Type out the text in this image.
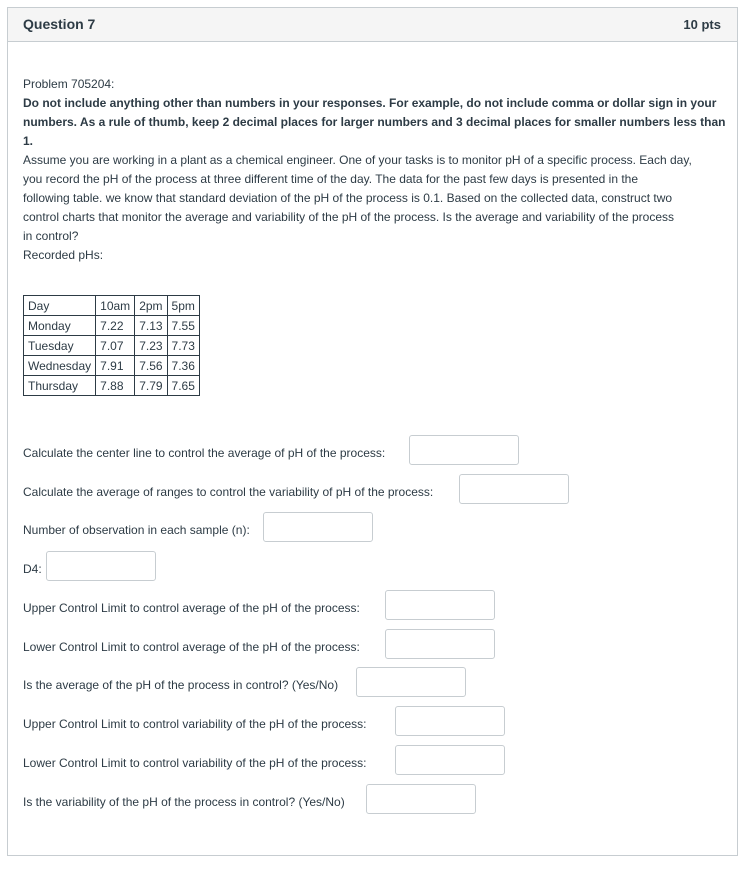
Question 7	10 pts
Problem 705204:
Do not include anything other than numbers in your responses. For example, do not include comma or dollar sign in your
numbers. As a rule of thumb, keep 2 decimal places for larger numbers and 3 decimal places for smaller numbers less than
1.
Assume you are working in a plant as a chemical engineer. One of your tasks is to monitor pH of a specific process. Each day,
you record the pH of the process at three different time of the day. The data for the past few days is presented in the
following table. we know that standard deviation of the pH of the process is 0.1. Based on the collected data, construct two
control charts that monitor the average and variability of the pH of the process. Is the average and variability of the process
in control?
Recorded pHs:
Day	10am	2pm	5pm
Monday	7.22	7.13	7.55
Tuesday	7.07	7.23	7.73
Wednesday	7.91	7.56	7.36
Thursday	7.88	7.79	7.65
Calculate the center line to control the average of pH of the process:
Calculate the average of ranges to control the variability of pH of the process:
Number of observation in each sample (n):
D4:
Upper Control Limit to control average of the pH of the process:
Lower Control Limit to control average of the pH of the process:
Is the average of the pH of the process in control? (Yes/No)
Upper Control Limit to control variability of the pH of the process:
Lower Control Limit to control variability of the pH of the process:
Is the variability of the pH of the process in control? (Yes/No)
